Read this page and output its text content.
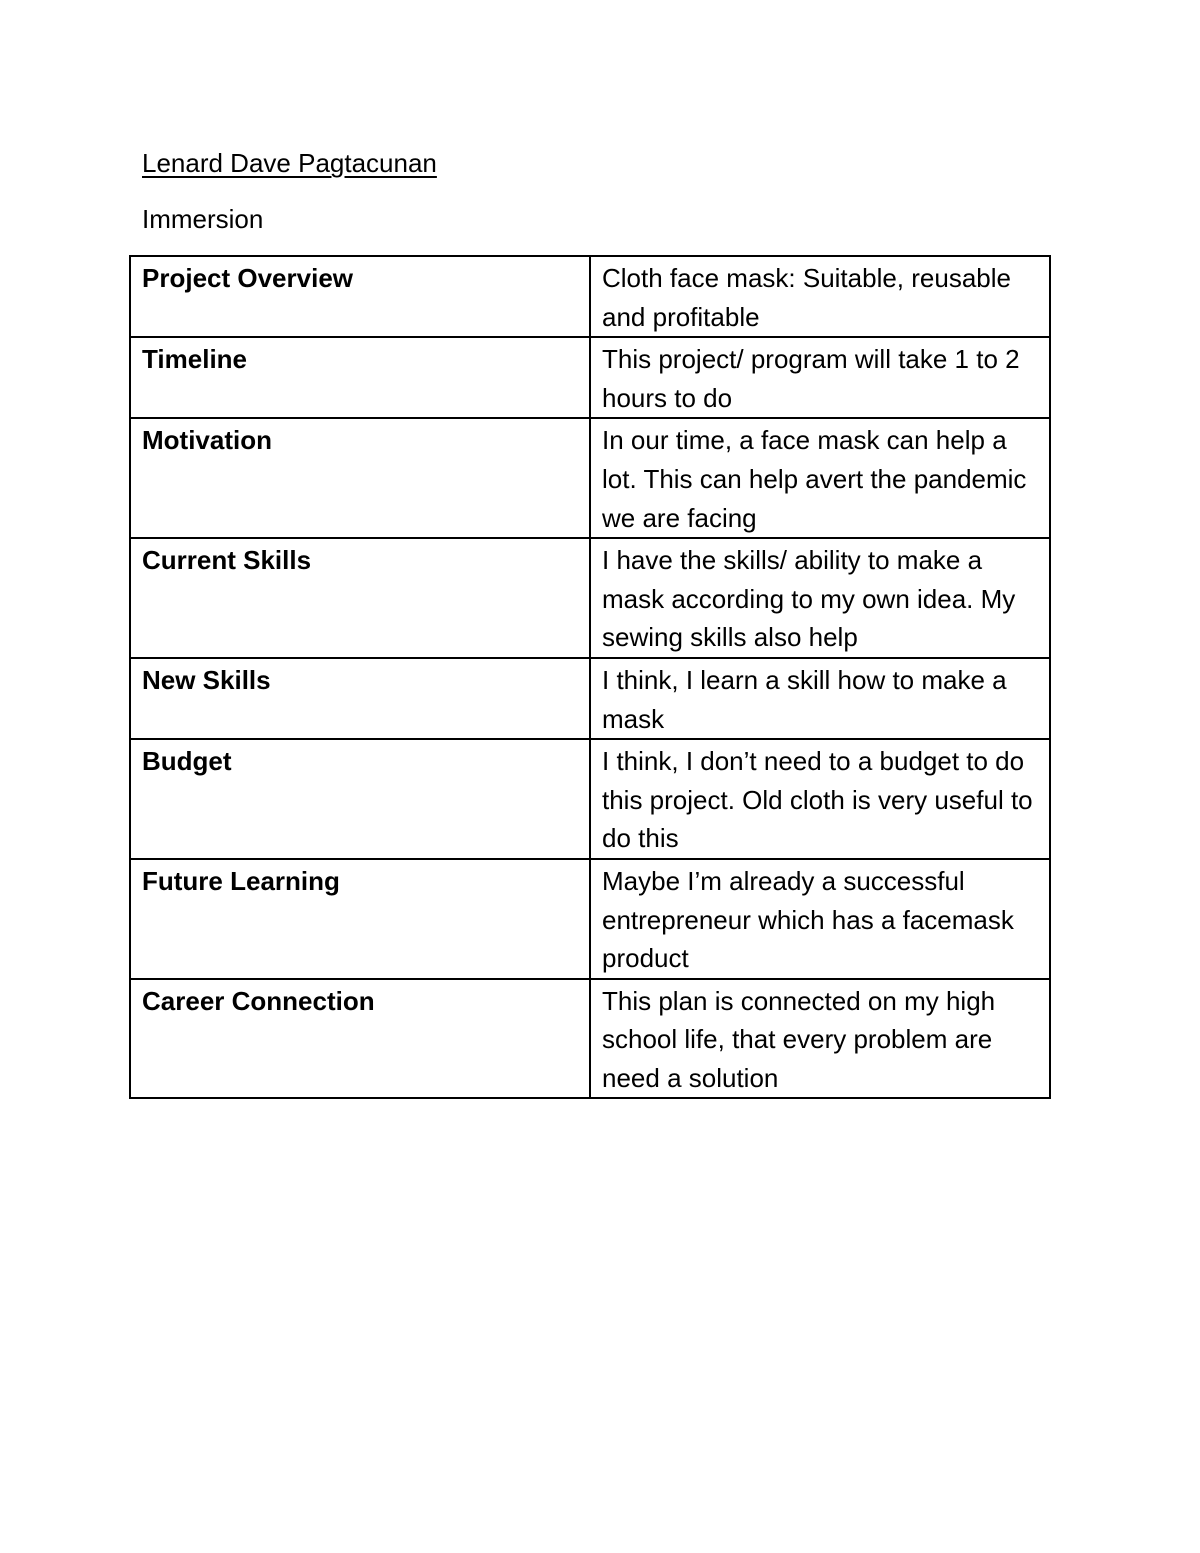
Lenard Dave Pagtacunan
Immersion
Project Overview	Cloth face mask: Suitable, reusable and profitable
Timeline	This project/ program will take 1 to 2 hours to do
Motivation	In our time, a face mask can help a lot. This can help avert the pandemic we are facing
Current Skills	I have the skills/ ability to make a mask according to my own idea. My sewing skills also help
New Skills	I think, I learn a skill how to make a mask
Budget	I think, I don’t need to a budget to do this project. Old cloth is very useful to do this
Future Learning	Maybe I’m already a successful entrepreneur which has a facemask product
Career Connection	This plan is connected on my high school life, that every problem are need a solution
